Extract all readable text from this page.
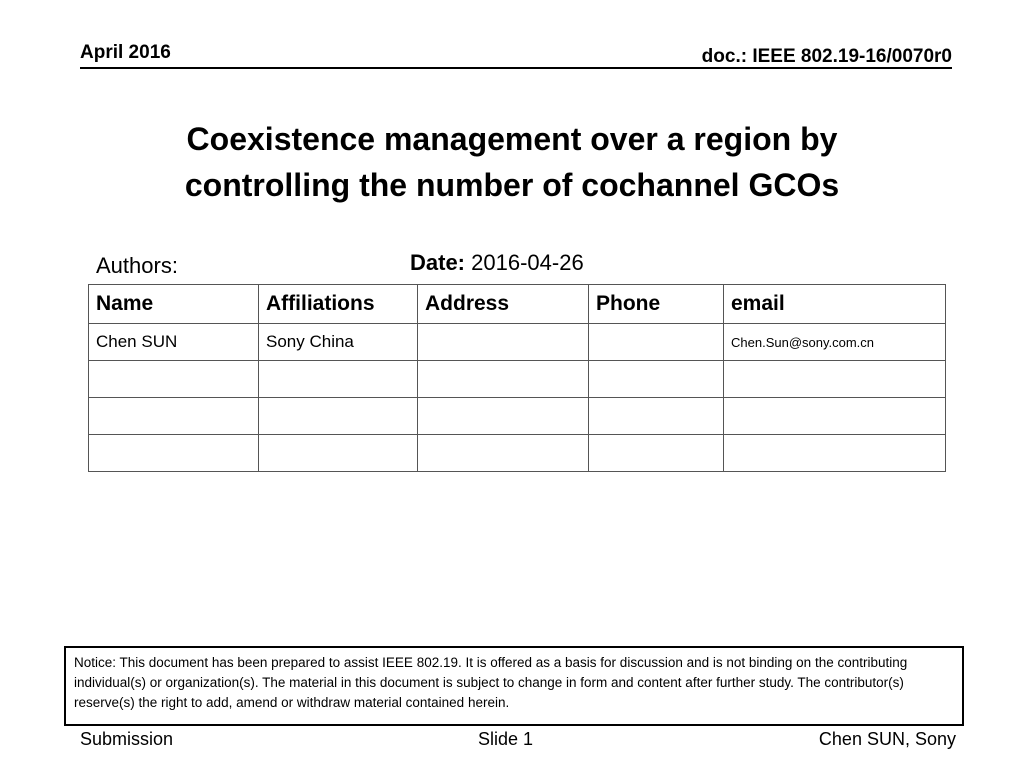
April 2016	doc.: IEEE 802.19-16/0070r0
Coexistence management over a region by
controlling the number of cochannel GCOs
Authors:	Date: 2016-04-26
Name	Affiliations	Address	Phone	email
Chen SUN	Sony China			Chen.Sun@sony.com.cn

Notice: This document has been prepared to assist IEEE 802.19. It is offered as a basis for discussion and is not binding on the contributing individual(s) or organization(s). The material in this document is subject to change in form and content after further study. The contributor(s) reserve(s) the right to add, amend or withdraw material contained herein.
Submission	Slide 1	Chen SUN, Sony
